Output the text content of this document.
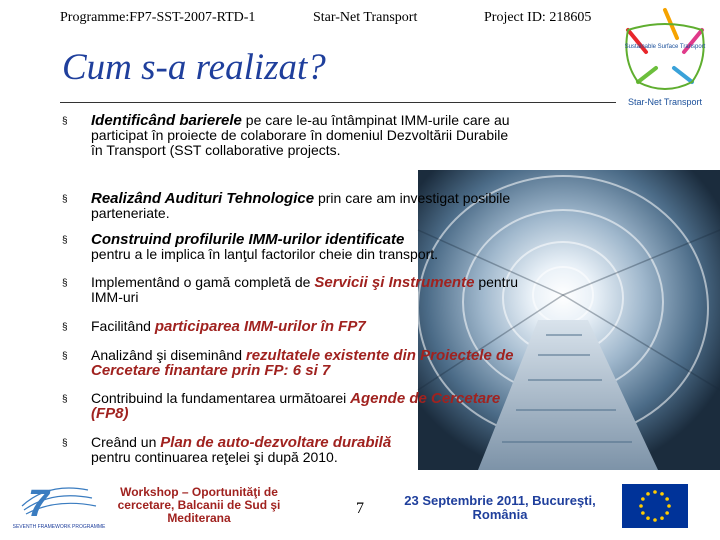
Programme:FP7-SST-2007-RTD-1	Star-Net Transport	Project ID: 218605
Cum s-a realizat?	Sustainable Surface Transport
Star-Net Transport
§ Identificând barierele pe care le-au întâmpinat IMM-urile care au participat în proiecte de colaborare în domeniul Dezvoltării Durabile în Transport (SST collaborative projects.
§ Realizând Audituri Tehnologice prin care am investigat posibile parteneriate.
§ Construind profilurile IMM-urilor identificate
pentru a le implica în lanţul factorilor cheie din transport.
§ Implementând o gamă completă de Servicii şi Instrumente pentru IMM-uri
§ Facilitând participarea IMM-urilor în FP7
§ Analizând şi diseminând rezultatele existente din Proiectele de Cercetare finantare prin FP: 6 si 7
§ Contribuind la fundamentarea următoarei Agende de Cercetare (FP8)
§ Creând un Plan de auto-dezvoltare durabilă
pentru continuarea reţelei şi după 2010.
7
SEVENTH FRAMEWORK PROGRAMME
Workshop – Oportunităţi de cercetare, Balcanii de Sud şi Mediterana
7	23 Septembrie 2011, Bucureşti, România
